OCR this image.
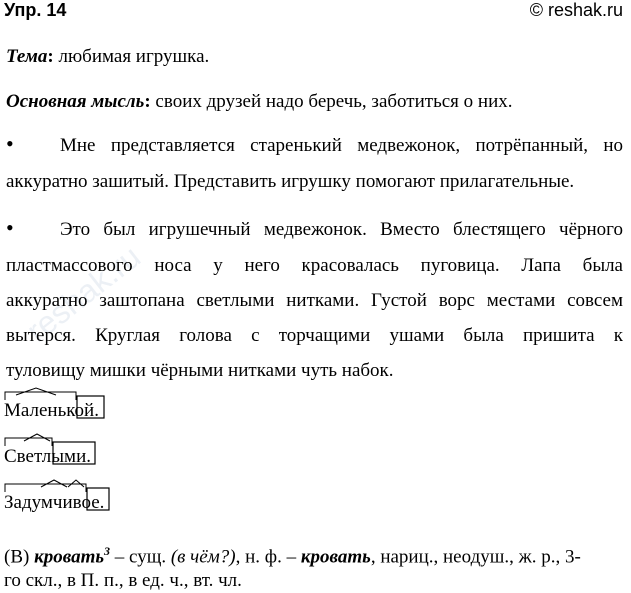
reshak.ru
Упр. 14	© reshak.ru
Тема: любимая игрушка.
Основная мысль: своих друзей надо беречь, заботиться о них.
• Мне представляется старенький медвежонок, потрёпанный, но
аккуратно зашитый. Представить игрушку помогают прилагательные.
• Это был игрушечный медвежонок. Вместо блестящего чёрного
пластмассового носа у него красовалась пуговица. Лапа была
аккуратно заштопана светлыми нитками. Густой ворс местами совсем
вытерся. Круглая голова с торчащими ушами была пришита к
туловищу мишки чёрными нитками чуть набок.
Маленькой.
Светлыми.
Задумчивое.
(В) кровать$^3$ – сущ. (в чём?), н. ф. – кровать, нариц., неодуш., ж. р., 3-
го скл., в П. п., в ед. ч., вт. чл.
